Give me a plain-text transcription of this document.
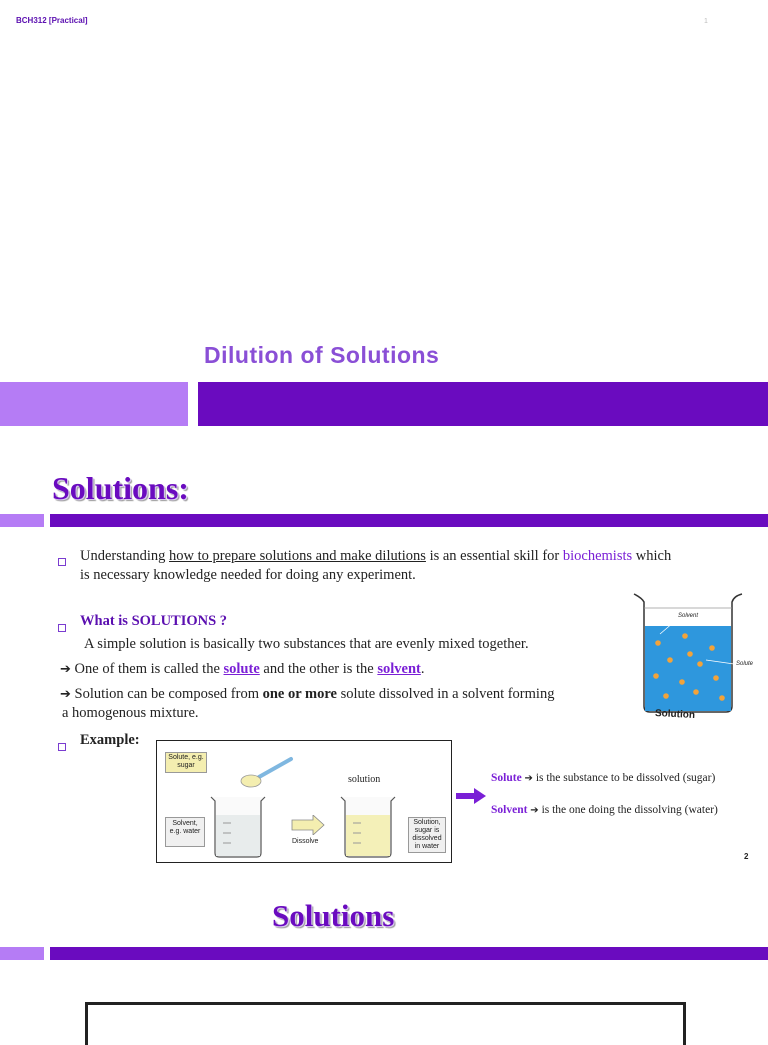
BCH312 [Practical]	1
Dilution of Solutions
Solutions:
Understanding how to prepare solutions and make dilutions is an essential skill for biochemists which
is necessary knowledge needed for doing any experiment.
What is SOLUTIONS ?
A simple solution is basically two substances that are evenly mixed together.
➔ One of them is called the solute and the other is the solvent.
➔ Solution can be composed from one or more solute dissolved in a solvent forming
a homogenous mixture.
Example:
Solvent
Solute
Solution
Solute, e.g. sugar
solution
Solvent, e.g. water
Dissolve
Solution, sugar is dissolved in water
Solute ➔ is the substance to be dissolved (sugar)
Solvent ➔ is the one doing the dissolving (water)
2
Solutions
